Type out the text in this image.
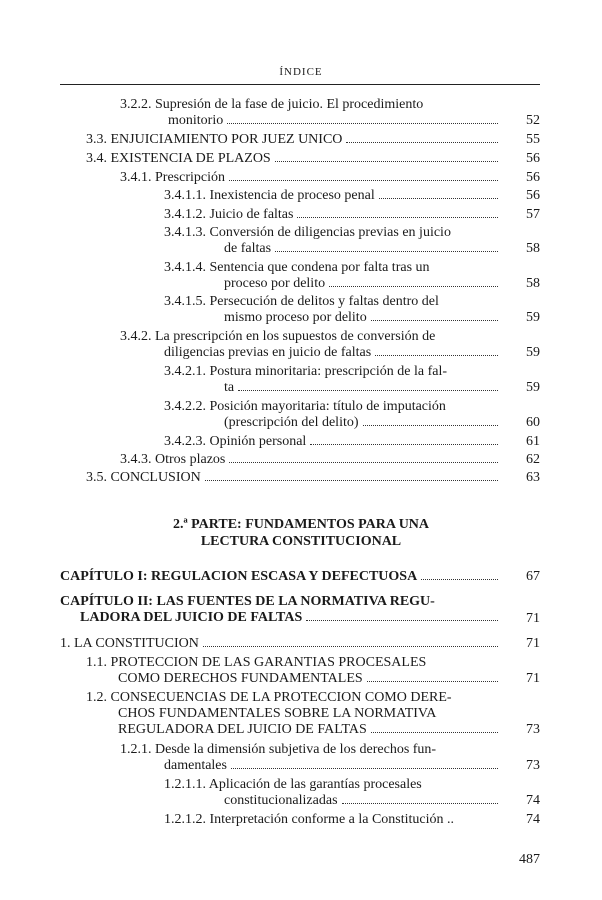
ÍNDICE
3.2.2. Supresión de la fase de juicio. El procedimiento
monitorio	52
3.3. ENJUICIAMIENTO POR JUEZ UNICO	55
3.4. EXISTENCIA DE PLAZOS	56
3.4.1. Prescripción	56
3.4.1.1. Inexistencia de proceso penal	56
3.4.1.2. Juicio de faltas	57
3.4.1.3. Conversión de diligencias previas en juicio
de faltas	58
3.4.1.4. Sentencia que condena por falta tras un
proceso por delito	58
3.4.1.5. Persecución de delitos y faltas dentro del
mismo proceso por delito	59
3.4.2. La prescripción en los supuestos de conversión de
diligencias previas en juicio de faltas	59
3.4.2.1. Postura minoritaria: prescripción de la fal-
ta	59
3.4.2.2. Posición mayoritaria: título de imputación
(prescripción del delito)	60
3.4.2.3. Opinión personal	61
3.4.3. Otros plazos	62
3.5. CONCLUSION	63
2.ª PARTE: FUNDAMENTOS PARA UNA
LECTURA CONSTITUCIONAL
CAPÍTULO I: REGULACION ESCASA Y DEFECTUOSA	67
CAPÍTULO II: LAS FUENTES DE LA NORMATIVA REGU-
LADORA DEL JUICIO DE FALTAS	71
1. LA CONSTITUCION	71
1.1. PROTECCION DE LAS GARANTIAS PROCESALES
COMO DERECHOS FUNDAMENTALES	71
1.2. CONSECUENCIAS DE LA PROTECCION COMO DERE-
CHOS FUNDAMENTALES SOBRE LA NORMATIVA
REGULADORA DEL JUICIO DE FALTAS	73
1.2.1. Desde la dimensión subjetiva de los derechos fun-
damentales	73
1.2.1.1. Aplicación de las garantías procesales
constitucionalizadas	74
1.2.1.2. Interpretación conforme a la Constitución ..	74
487
